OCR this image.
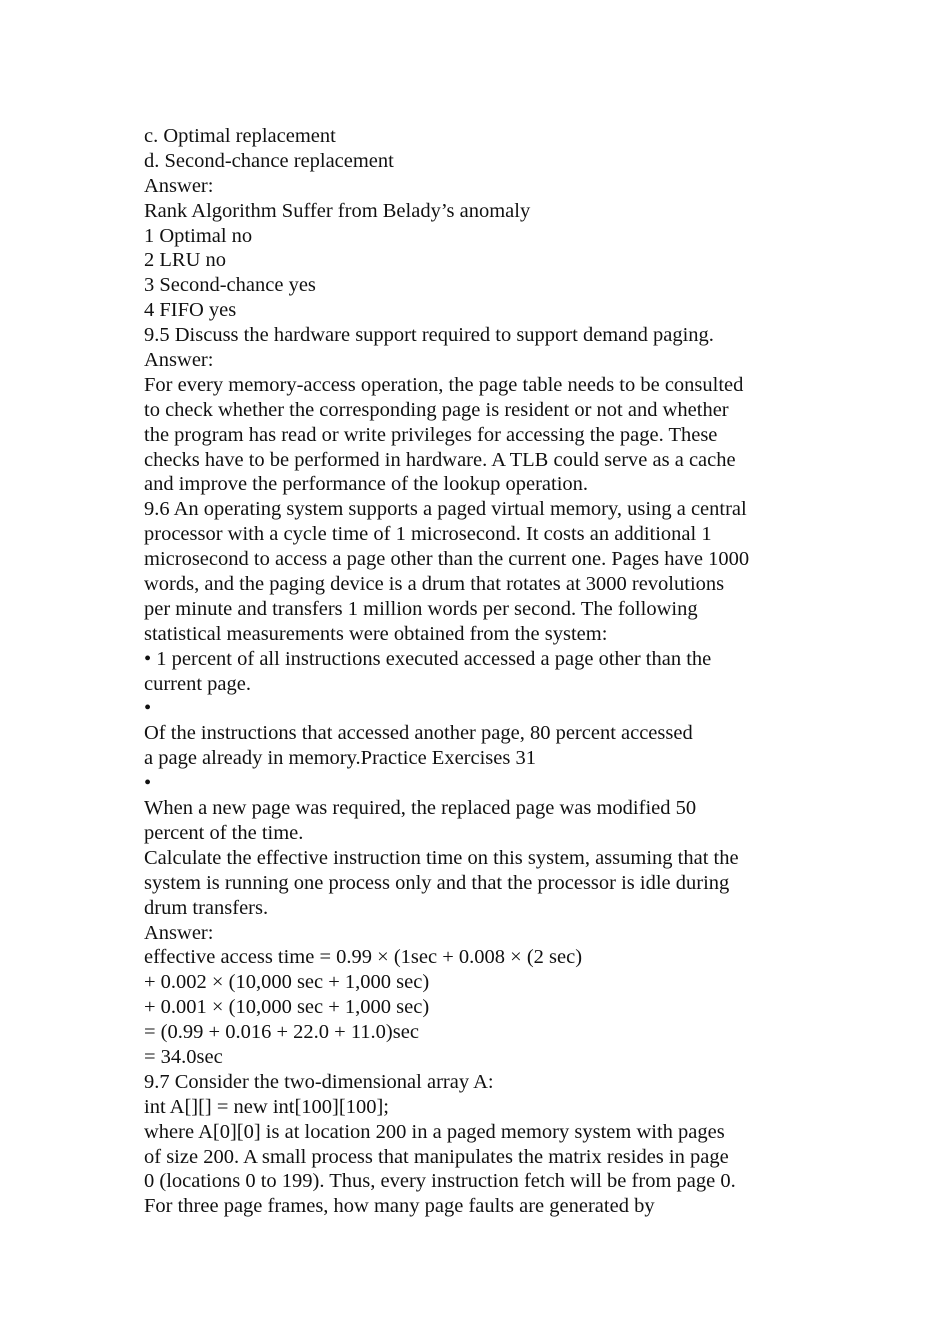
c. Optimal replacement
d. Second-chance replacement
Answer:
Rank Algorithm Suffer from Belady’s anomaly
1 Optimal no
2 LRU no
3 Second-chance yes
4 FIFO yes
9.5 Discuss the hardware support required to support demand paging.
Answer:
For every memory-access operation, the page table needs to be consulted
to check whether the corresponding page is resident or not and whether
the program has read or write privileges for accessing the page. These
checks have to be performed in hardware. A TLB could serve as a cache
and improve the performance of the lookup operation.
9.6 An operating system supports a paged virtual memory, using a central
processor with a cycle time of 1 microsecond. It costs an additional 1
microsecond to access a page other than the current one. Pages have 1000
words, and the paging device is a drum that rotates at 3000 revolutions
per minute and transfers 1 million words per second. The following
statistical measurements were obtained from the system:
• 1 percent of all instructions executed accessed a page other than the
current page.
•
Of the instructions that accessed another page, 80 percent accessed
a page already in memory.Practice Exercises 31
•
When a new page was required, the replaced page was modified 50
percent of the time.
Calculate the effective instruction time on this system, assuming that the
system is running one process only and that the processor is idle during
drum transfers.
Answer:
effective access time = 0.99 × (1sec + 0.008 × (2 sec)
+ 0.002 × (10,000 sec + 1,000 sec)
+ 0.001 × (10,000 sec + 1,000 sec)
= (0.99 + 0.016 + 22.0 + 11.0)sec
= 34.0sec
9.7 Consider the two-dimensional array A:
int A[][] = new int[100][100];
where A[0][0] is at location 200 in a paged memory system with pages
of size 200. A small process that manipulates the matrix resides in page
0 (locations 0 to 199). Thus, every instruction fetch will be from page 0.
For three page frames, how many page faults are generated by
